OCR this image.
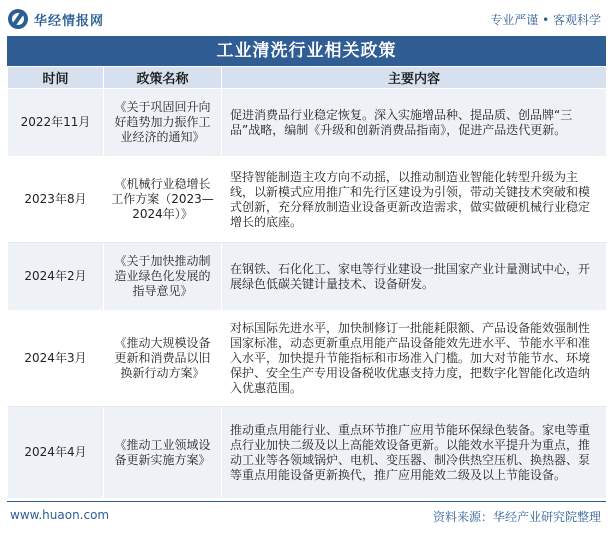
华经情报网	专业严谨 • 客观科学
工业清洗行业相关政策
时间	政策名称	主要内容
2022年11月	《关于巩固回升向好趋势加力振作工业经济的通知》	促进消费品行业稳定恢复。深入实施增品种、提品质、创品牌“三品”战略，编制《升级和创新消费品指南》，促进产品迭代更新。
2023年8月	《机械行业稳增长工作方案（2023—2024年）》	坚持智能制造主攻方向不动摇，以推动制造业智能化转型升级为主线，以新模式应用推广和先行区建设为引领，带动关键技术突破和模式创新，充分释放制造业设备更新改造需求，做实做硬机械行业稳定增长的底座。
2024年2月	《关于加快推动制造业绿色化发展的指导意见》	在钢铁、石化化工、家电等行业建设一批国家产业计量测试中心，开展绿色低碳关键计量技术、设备研发。
2024年3月	《推动大规模设备更新和消费品以旧换新行动方案》	对标国际先进水平，加快制修订一批能耗限额、产品设备能效强制性国家标准，动态更新重点用能产品设备能效先进水平、节能水平和准入水平，加快提升节能指标和市场准入门槛。加大对节能节水、环境保护、安全生产专用设备税收优惠支持力度，把数字化智能化改造纳入优惠范围。
2024年4月	《推动工业领域设备更新实施方案》	推动重点用能行业、重点环节推广应用节能环保绿色装备。家电等重点行业加快二级及以上高能效设备更新。以能效水平提升为重点，推动工业等各领域锅炉、电机、变压器、制冷供热空压机、换热器、泵等重点用能设备更新换代，推广应用能效二级及以上节能设备。
www.huaon.com	资料来源：华经产业研究院整理
